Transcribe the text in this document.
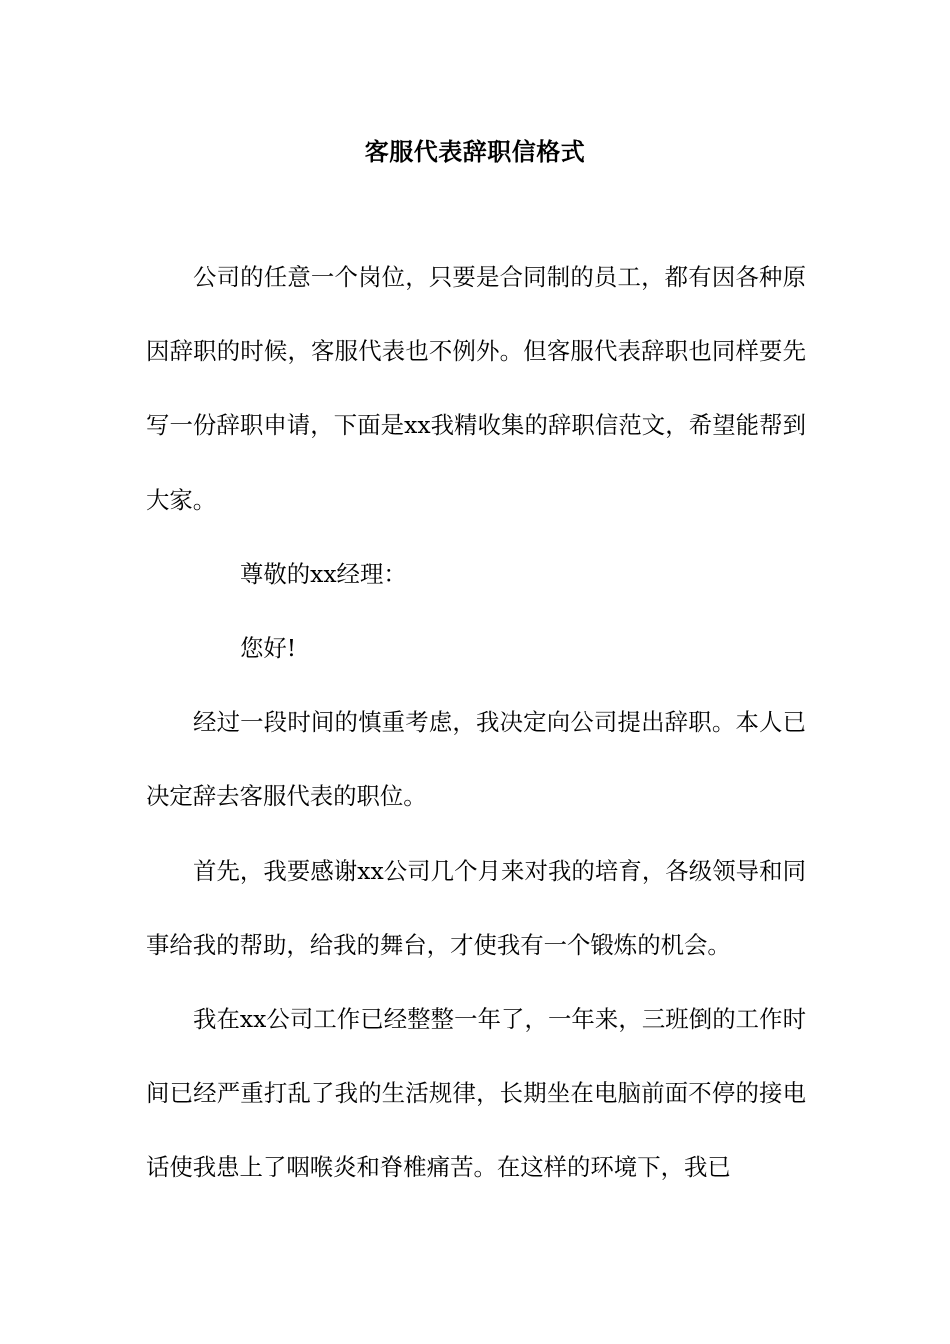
客服代表辞职信格式

公司的任意一个岗位，只要是合同制的员工，都有因各种原因辞职的时候，客服代表也不例外。但客服代表辞职也同样要先写一份辞职申请，下面是xx我精收集的辞职信范文，希望能帮到大家。

尊敬的xx经理：

您好!

经过一段时间的慎重考虑，我决定向公司提出辞职。本人已决定辞去客服代表的职位。

首先，我要感谢xx公司几个月来对我的培育，各级领导和同事给我的帮助，给我的舞台，才使我有一个锻炼的机会。

我在xx公司工作已经整整一年了，一年来，三班倒的工作时间已经严重打乱了我的生活规律，长期坐在电脑前面不停的接电话使我患上了咽喉炎和脊椎痛苦。在这样的环境下，我已
